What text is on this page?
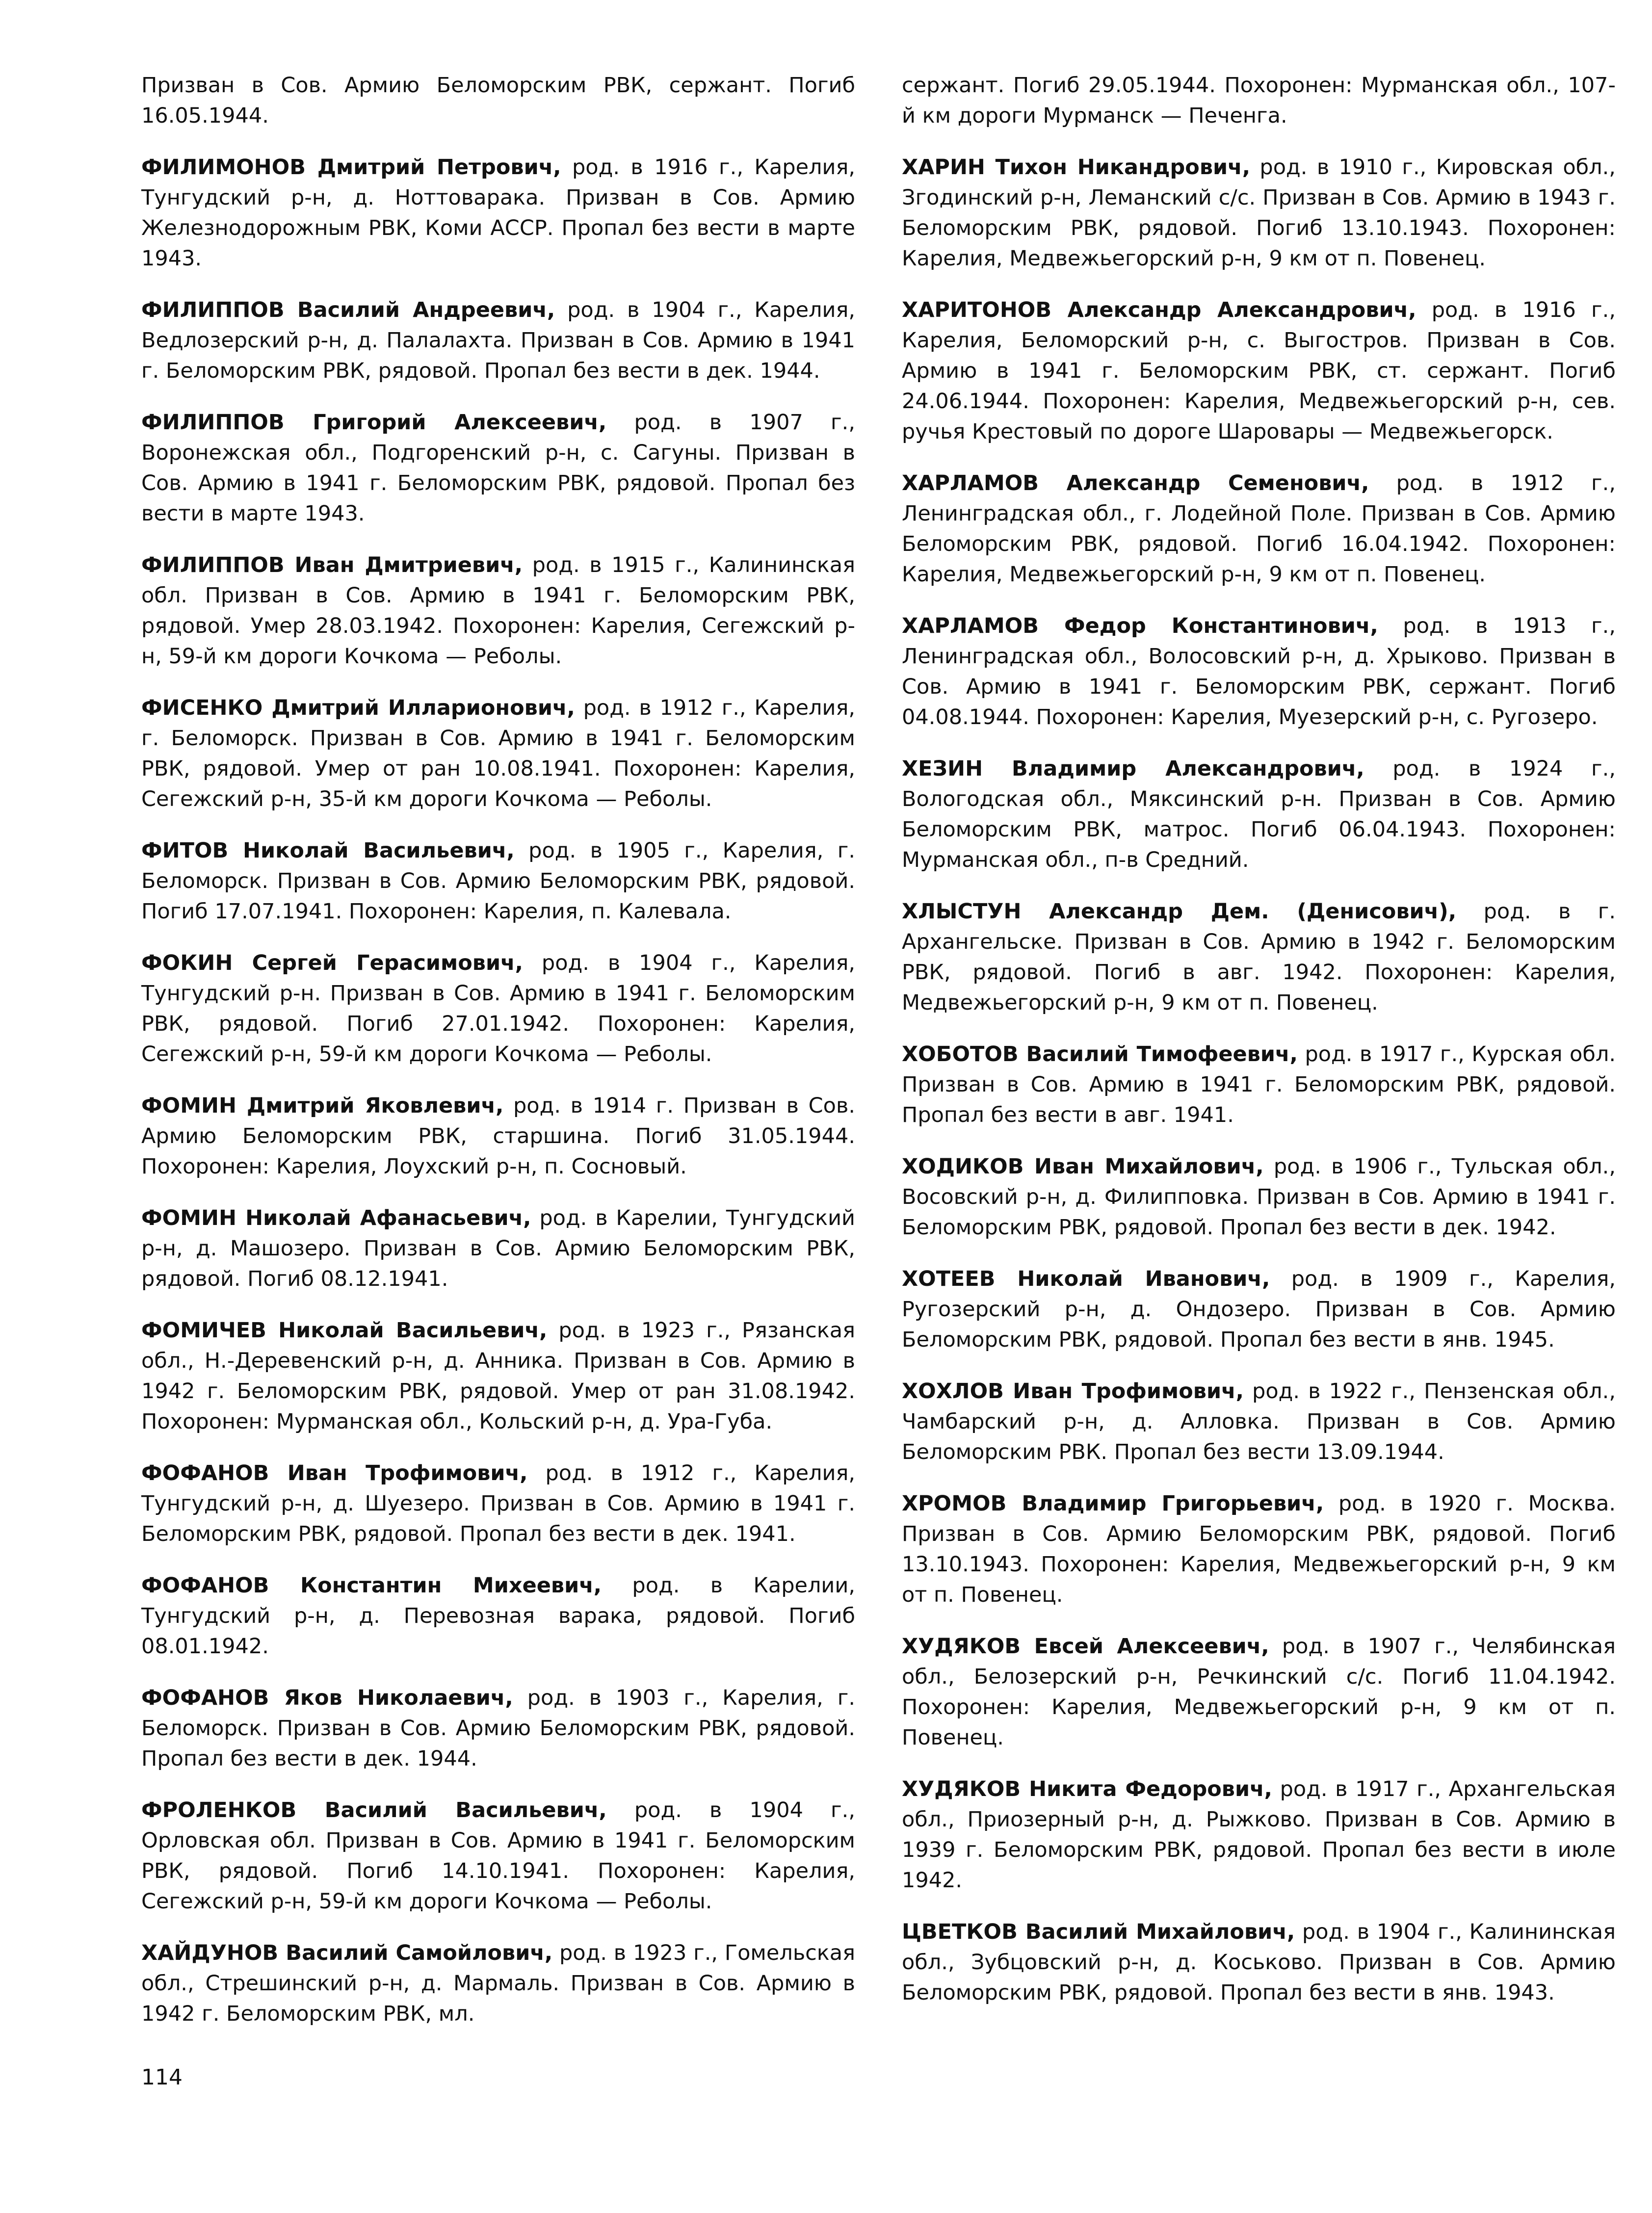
Призван в Сов. Армию Беломорским РВК, сержант. Погиб 16.05.1944.

ФИЛИМОНОВ Дмитрий Петрович, род. в 1916 г., Карелия, Тунгудский р-н, д. Ноттоварака. Призван в Сов. Армию Железнодорожным РВК, Коми АССР. Пропал без вести в марте 1943.

ФИЛИППОВ Василий Андреевич, род. в 1904 г., Карелия, Ведлозерский р-н, д. Палалахта. Призван в Сов. Армию в 1941 г. Беломорским РВК, рядовой. Пропал без вести в дек. 1944.

ФИЛИППОВ Григорий Алексеевич, род. в 1907 г., Воронежская обл., Подгоренский р-н, с. Сагуны. Призван в Сов. Армию в 1941 г. Беломорским РВК, рядовой. Пропал без вести в марте 1943.

ФИЛИППОВ Иван Дмитриевич, род. в 1915 г., Калининская обл. Призван в Сов. Армию в 1941 г. Беломорским РВК, рядовой. Умер 28.03.1942. Похоронен: Карелия, Сегежский р-н, 59-й км дороги Кочкома — Реболы.

ФИСЕНКО Дмитрий Илларионович, род. в 1912 г., Карелия, г. Беломорск. Призван в Сов. Армию в 1941 г. Беломорским РВК, рядовой. Умер от ран 10.08.1941. Похоронен: Карелия, Сегежский р-н, 35-й км дороги Кочкома — Реболы.

ФИТОВ Николай Васильевич, род. в 1905 г., Карелия, г. Беломорск. Призван в Сов. Армию Беломорским РВК, рядовой. Погиб 17.07.1941. Похоронен: Карелия, п. Калевала.

ФОКИН Сергей Герасимович, род. в 1904 г., Карелия, Тунгудский р-н. Призван в Сов. Армию в 1941 г. Беломорским РВК, рядовой. Погиб 27.01.1942. Похоронен: Карелия, Сегежский р-н, 59-й км дороги Кочкома — Реболы.

ФОМИН Дмитрий Яковлевич, род. в 1914 г. Призван в Сов. Армию Беломорским РВК, старшина. Погиб 31.05.1944. Похоронен: Карелия, Лоухский р-н, п. Сосновый.

ФОМИН Николай Афанасьевич, род. в Карелии, Тунгудский р-н, д. Машозеро. Призван в Сов. Армию Беломорским РВК, рядовой. Погиб 08.12.1941.

ФОМИЧЕВ Николай Васильевич, род. в 1923 г., Рязанская обл., Н.-Деревенский р-н, д. Анника. Призван в Сов. Армию в 1942 г. Беломорским РВК, рядовой. Умер от ран 31.08.1942. Похоронен: Мурманская обл., Кольский р-н, д. Ура-Губа.

ФОФАНОВ Иван Трофимович, род. в 1912 г., Карелия, Тунгудский р-н, д. Шуезеро. Призван в Сов. Армию в 1941 г. Беломорским РВК, рядовой. Пропал без вести в дек. 1941.

ФОФАНОВ Константин Михеевич, род. в Карелии, Тунгудский р-н, д. Перевозная варака, рядовой. Погиб 08.01.1942.

ФОФАНОВ Яков Николаевич, род. в 1903 г., Карелия, г. Беломорск. Призван в Сов. Армию Беломорским РВК, рядовой. Пропал без вести в дек. 1944.

ФРОЛЕНКОВ Василий Васильевич, род. в 1904 г., Орловская обл. Призван в Сов. Армию в 1941 г. Беломорским РВК, рядовой. Погиб 14.10.1941. Похоронен: Карелия, Сегежский р-н, 59-й км дороги Кочкома — Реболы.

ХАЙДУНОВ Василий Самойлович, род. в 1923 г., Гомельская обл., Стрешинский р-н, д. Мармаль. Призван в Сов. Армию в 1942 г. Беломорским РВК, мл.

сержант. Погиб 29.05.1944. Похоронен: Мурманская обл., 107-й км дороги Мурманск — Печенга.

ХАРИН Тихон Никандрович, род. в 1910 г., Кировская обл., Згодинский р-н, Леманский с/с. Призван в Сов. Армию в 1943 г. Беломорским РВК, рядовой. Погиб 13.10.1943. Похоронен: Карелия, Медвежьегорский р-н, 9 км от п. Повенец.

ХАРИТОНОВ Александр Александрович, род. в 1916 г., Карелия, Беломорский р-н, с. Выгостров. Призван в Сов. Армию в 1941 г. Беломорским РВК, ст. сержант. Погиб 24.06.1944. Похоронен: Карелия, Медвежьегорский р-н, сев. ручья Крестовый по дороге Шаровары — Медвежьегорск.

ХАРЛАМОВ Александр Семенович, род. в 1912 г., Ленинградская обл., г. Лодейной Поле. Призван в Сов. Армию Беломорским РВК, рядовой. Погиб 16.04.1942. Похоронен: Карелия, Медвежьегорский р-н, 9 км от п. Повенец.

ХАРЛАМОВ Федор Константинович, род. в 1913 г., Ленинградская обл., Волосовский р-н, д. Хрыково. Призван в Сов. Армию в 1941 г. Беломорским РВК, сержант. Погиб 04.08.1944. Похоронен: Карелия, Муезерский р-н, с. Ругозеро.

ХЕЗИН Владимир Александрович, род. в 1924 г., Вологодская обл., Мяксинский р-н. Призван в Сов. Армию Беломорским РВК, матрос. Погиб 06.04.1943. Похоронен: Мурманская обл., п-в Средний.

ХЛЫСТУН Александр Дем. (Денисович), род. в г. Архангельске. Призван в Сов. Армию в 1942 г. Беломорским РВК, рядовой. Погиб в авг. 1942. Похоронен: Карелия, Медвежьегорский р-н, 9 км от п. Повенец.

ХОБОТОВ Василий Тимофеевич, род. в 1917 г., Курская обл. Призван в Сов. Армию в 1941 г. Беломорским РВК, рядовой. Пропал без вести в авг. 1941.

ХОДИКОВ Иван Михайлович, род. в 1906 г., Тульская обл., Восовский р-н, д. Филипповка. Призван в Сов. Армию в 1941 г. Беломорским РВК, рядовой. Пропал без вести в дек. 1942.

ХОТЕЕВ Николай Иванович, род. в 1909 г., Карелия, Ругозерский р-н, д. Ондозеро. Призван в Сов. Армию Беломорским РВК, рядовой. Пропал без вести в янв. 1945.

ХОХЛОВ Иван Трофимович, род. в 1922 г., Пензенская обл., Чамбарский р-н, д. Алловка. Призван в Сов. Армию Беломорским РВК. Пропал без вести 13.09.1944.

ХРОМОВ Владимир Григорьевич, род. в 1920 г. Москва. Призван в Сов. Армию Беломорским РВК, рядовой. Погиб 13.10.1943. Похоронен: Карелия, Медвежьегорский р-н, 9 км от п. Повенец.

ХУДЯКОВ Евсей Алексеевич, род. в 1907 г., Челябинская обл., Белозерский р-н, Речкинский с/с. Погиб 11.04.1942. Похоронен: Карелия, Медвежьегорский р-н, 9 км от п. Повенец.

ХУДЯКОВ Никита Федорович, род. в 1917 г., Архангельская обл., Приозерный р-н, д. Рыжково. Призван в Сов. Армию в 1939 г. Беломорским РВК, рядовой. Пропал без вести в июле 1942.

ЦВЕТКОВ Василий Михайлович, род. в 1904 г., Калининская обл., Зубцовский р-н, д. Коськово. Призван в Сов. Армию Беломорским РВК, рядовой. Пропал без вести в янв. 1943.

114
